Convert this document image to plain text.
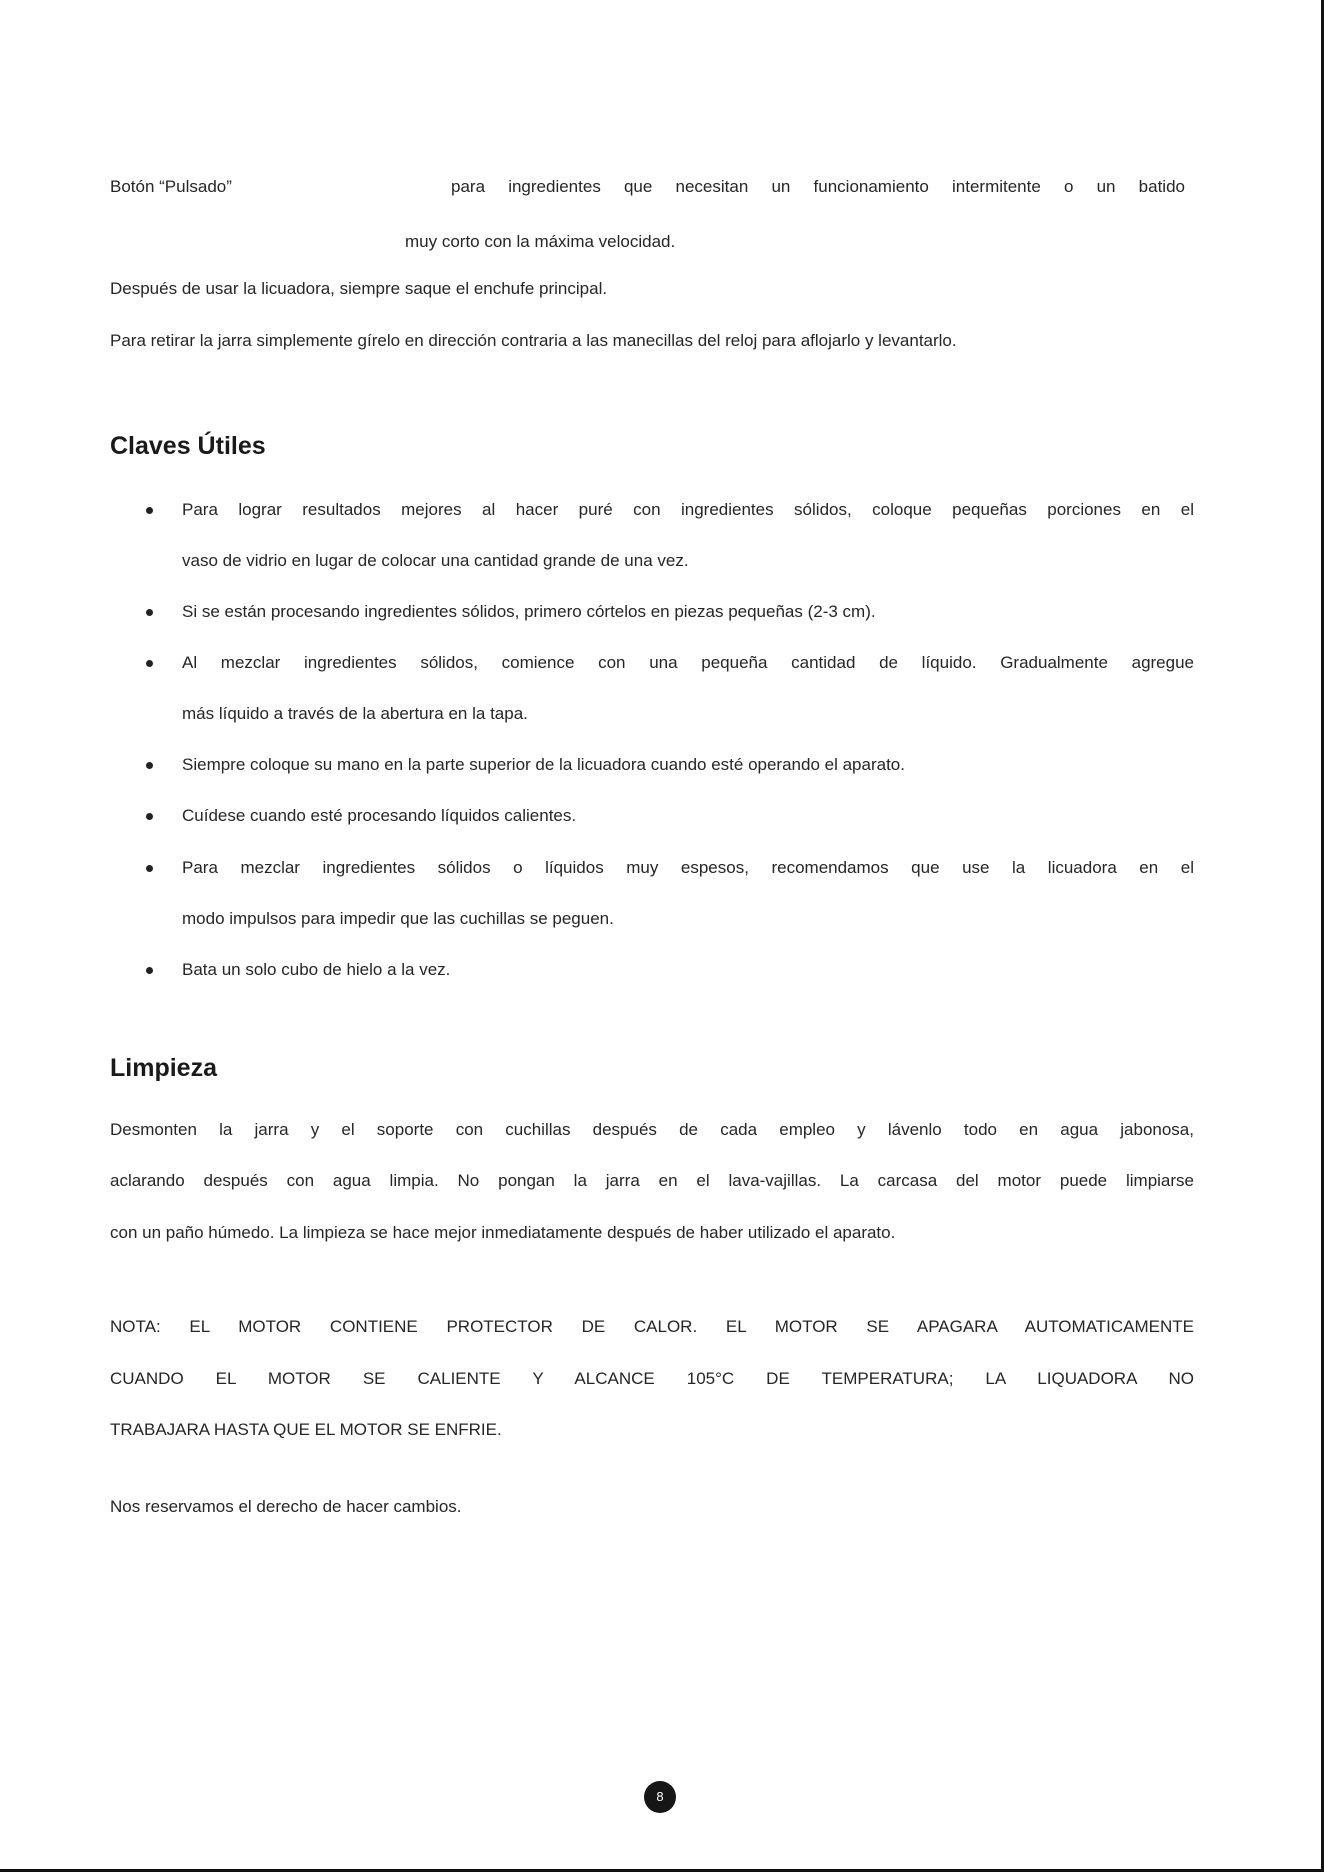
Botón “Pulsado”	para ingredientes que necesitan un funcionamiento intermitente o un batido
muy corto con la máxima velocidad.
Después de usar la licuadora, siempre saque el enchufe principal.
Para retirar la jarra simplemente gírelo en dirección contraria a las manecillas del reloj para aflojarlo y levantarlo.
Claves Útiles
Para lograr resultados mejores al hacer puré con ingredientes sólidos, coloque pequeñas porciones en el
vaso de vidrio en lugar de colocar una cantidad grande de una vez.
Si se están procesando ingredientes sólidos, primero córtelos en piezas pequeñas (2-3 cm).
Al mezclar ingredientes sólidos, comience con una pequeña cantidad de líquido. Gradualmente agregue
más líquido a través de la abertura en la tapa.
Siempre coloque su mano en la parte superior de la licuadora cuando esté operando el aparato.
Cuídese cuando esté procesando líquidos calientes.
Para mezclar ingredientes sólidos o líquidos muy espesos, recomendamos que use la licuadora en el
modo impulsos para impedir que las cuchillas se peguen.
Bata un solo cubo de hielo a la vez.
Limpieza
Desmonten la jarra y el soporte con cuchillas después de cada empleo y lávenlo todo en agua jabonosa,
aclarando después con agua limpia. No pongan la jarra en el lava-vajillas. La carcasa del motor puede limpiarse
con un paño húmedo. La limpieza se hace mejor inmediatamente después de haber utilizado el aparato.
NOTA: EL MOTOR CONTIENE PROTECTOR DE CALOR. EL MOTOR SE APAGARA AUTOMATICAMENTE
CUANDO EL MOTOR SE CALIENTE Y ALCANCE 105°C DE TEMPERATURA; LA LIQUADORA NO
TRABAJARA HASTA QUE EL MOTOR SE ENFRIE.
Nos reservamos el derecho de hacer cambios.
8
